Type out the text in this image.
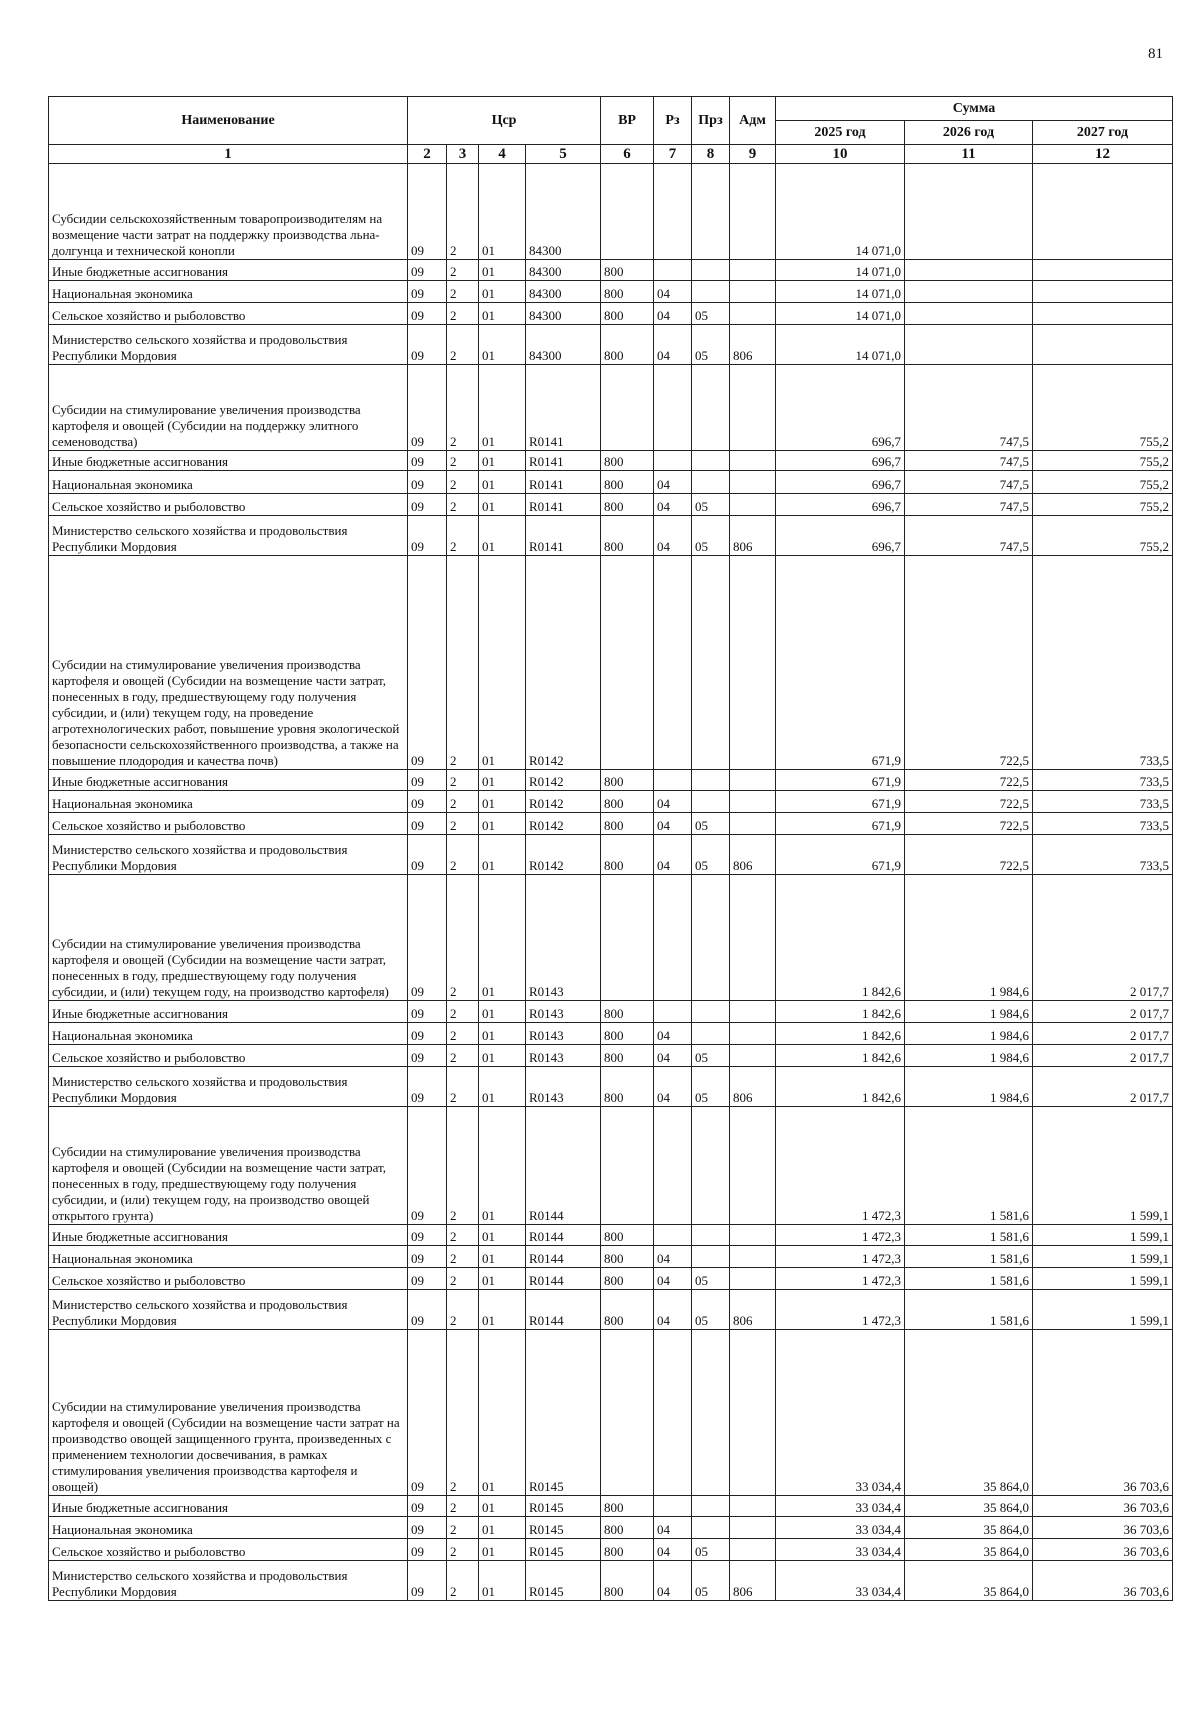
81
Наименование	Цср				ВР	Рз	Прз	Адм	Сумма		
									2025 год	2026 год	2027 год
1	2	3	4	5	6	7	8	9	10	11	12
Субсидии сельскохозяйственным товаропроизводителям на возмещение части затрат на поддержку производства льна-долгунца и технической конопли	09	2	01	84300					14 071,0		
Иные бюджетные ассигнования	09	2	01	84300	800				14 071,0		
Национальная экономика	09	2	01	84300	800	04			14 071,0		
Сельское хозяйство и рыболовство	09	2	01	84300	800	04	05		14 071,0		
Министерство сельского хозяйства и продовольствия Республики Мордовия	09	2	01	84300	800	04	05	806	14 071,0		
Субсидии на стимулирование увеличения производства картофеля и овощей (Субсидии на поддержку элитного семеноводства)	09	2	01	R0141					696,7	747,5	755,2
Иные бюджетные ассигнования	09	2	01	R0141	800				696,7	747,5	755,2
Национальная экономика	09	2	01	R0141	800	04			696,7	747,5	755,2
Сельское хозяйство и рыболовство	09	2	01	R0141	800	04	05		696,7	747,5	755,2
Министерство сельского хозяйства и продовольствия Республики Мордовия	09	2	01	R0141	800	04	05	806	696,7	747,5	755,2
Субсидии на стимулирование увеличения производства картофеля и овощей (Субсидии на возмещение части затрат, понесенных в году, предшествующему году получения субсидии, и (или) текущем году, на проведение агротехнологических работ, повышение уровня экологической безопасности сельскохозяйственного производства, а также на повышение плодородия и качества почв)	09	2	01	R0142					671,9	722,5	733,5
Иные бюджетные ассигнования	09	2	01	R0142	800				671,9	722,5	733,5
Национальная экономика	09	2	01	R0142	800	04			671,9	722,5	733,5
Сельское хозяйство и рыболовство	09	2	01	R0142	800	04	05		671,9	722,5	733,5
Министерство сельского хозяйства и продовольствия Республики Мордовия	09	2	01	R0142	800	04	05	806	671,9	722,5	733,5
Субсидии на стимулирование увеличения производства картофеля и овощей (Субсидии на возмещение части затрат, понесенных в году, предшествующему году получения субсидии, и (или) текущем году, на производство картофеля)	09	2	01	R0143					1 842,6	1 984,6	2 017,7
Иные бюджетные ассигнования	09	2	01	R0143	800				1 842,6	1 984,6	2 017,7
Национальная экономика	09	2	01	R0143	800	04			1 842,6	1 984,6	2 017,7
Сельское хозяйство и рыболовство	09	2	01	R0143	800	04	05		1 842,6	1 984,6	2 017,7
Министерство сельского хозяйства и продовольствия Республики Мордовия	09	2	01	R0143	800	04	05	806	1 842,6	1 984,6	2 017,7
Субсидии на стимулирование увеличения производства картофеля и овощей (Субсидии на возмещение части затрат, понесенных в году, предшествующему году получения субсидии, и (или) текущем году, на производство овощей открытого грунта)	09	2	01	R0144					1 472,3	1 581,6	1 599,1
Иные бюджетные ассигнования	09	2	01	R0144	800				1 472,3	1 581,6	1 599,1
Национальная экономика	09	2	01	R0144	800	04			1 472,3	1 581,6	1 599,1
Сельское хозяйство и рыболовство	09	2	01	R0144	800	04	05		1 472,3	1 581,6	1 599,1
Министерство сельского хозяйства и продовольствия Республики Мордовия	09	2	01	R0144	800	04	05	806	1 472,3	1 581,6	1 599,1
Субсидии на стимулирование увеличения производства картофеля и овощей (Субсидии на возмещение части затрат на производство овощей защищенного грунта, произведенных с применением технологии досвечивания, в рамках стимулирования увеличения производства картофеля и овощей)	09	2	01	R0145					33 034,4	35 864,0	36 703,6
Иные бюджетные ассигнования	09	2	01	R0145	800				33 034,4	35 864,0	36 703,6
Национальная экономика	09	2	01	R0145	800	04			33 034,4	35 864,0	36 703,6
Сельское хозяйство и рыболовство	09	2	01	R0145	800	04	05		33 034,4	35 864,0	36 703,6
Министерство сельского хозяйства и продовольствия Республики Мордовия	09	2	01	R0145	800	04	05	806	33 034,4	35 864,0	36 703,6
